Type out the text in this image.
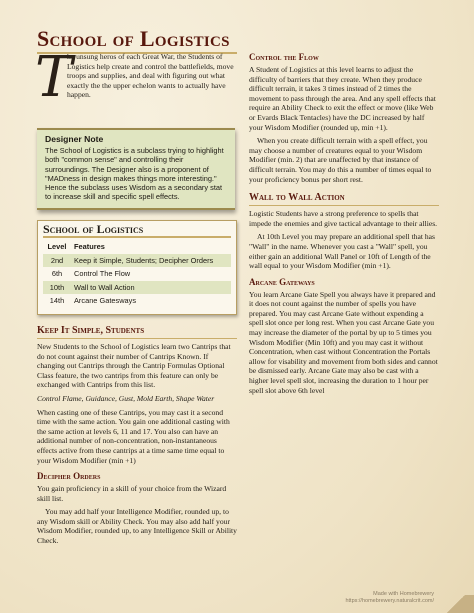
School of Logistics
T

he unsung heros of each Great War, the Students of Logistics help create and control the battlefields, move troops and supplies, and deal with figuring out what exactly the the upper echelon wants to actually have happen.

Designer Note
The School of Logistics is a subclass trying to highlight both "common sense" and controlling their surroundings. The Designer also is a proponent of "MADness in design makes things more interesting." Hence the subclass uses Wisdom as a secondary stat to increase skill and specific spell effects.
School of Logistics
Level	Features
2nd	Keep it Simple, Students; Decipher Orders
6th	Control The Flow
10th	Wall to Wall Action
14th	Arcane Gatesways
Keep It Simple, Students

New Students to the School of Logistics learn two Cantrips that do not count against their number of Cantrips Known. If changing out Cantrips through the Cantrip Formulas Optional Class feature, the two cantrips from this feature can only be exchanged with Cantrips from this list.

Control Flame, Guidance, Gust, Mold Earth, Shape Water

When casting one of these Cantrips, you may cast it a second time with the same action. You gain one additional casting with the same action at levels 6, 11 and 17. You also can have an additional number of non-concentration, non-instantaneous effects active from these cantrips at a time same time equal to your Wisdom Modifier (min +1)

Decipher Orders

You gain proficiency in a skill of your choice from the Wizard skill list.

You may add half your Intelligence Modifier, rounded up, to any Wisdom skill or Ability Check. You may also add half your Wisdom Modifier, rounded up, to any Intelligence Skill or Ability Check.

Control the Flow

A Student of Logistics at this level learns to adjust the difficulty of barriers that they create. When they produce difficult terrain, it takes 3 times instead of 2 times the movement to pass through the area. And any spell effects that require an Ability Check to exit the effect or move (like Web or Evards Black Tentacles) have the DC increased by half your Wisdom Modifier (rounded up, min +1).

When you create difficult terrain with a spell effect, you may choose a number of creatures equal to your Wisdom Modifier (min. 2) that are unaffected by that instance of difficult terrain. You may do this a number of times equal to your proficiency bonus per short rest.

Wall to Wall Action

Logistic Students have a strong preference to spells that impede the enemies and give tactical advantage to their allies.

At 10th Level you may prepare an additional spell that has "Wall" in the name. Whenever you cast a "Wall" spell, you either gain an additional Wall Panel or 10ft of Length of the wall equal to your Wisdom Modifier (min +1).

Arcane Gateways

You learn Arcane Gate Spell you always have it prepared and it does not count against the number of spells you have prepared. You may cast Arcane Gate without expending a spell slot once per long rest. When you cast Arcane Gate you may increase the diameter of the portal by up to 5 times you Wisdom Modifier (Min 10ft) and you may cast it without Concentration, when cast without Concentration the Portals allow for visability and movement from both sides and cannot be dismissed early. Arcane Gate may also be cast with a higher level spell slot, increasing the duration to 1 hour per spell slot above 6th level

Made with Homebrewery
https://homebrewery.naturalcrit.com/
